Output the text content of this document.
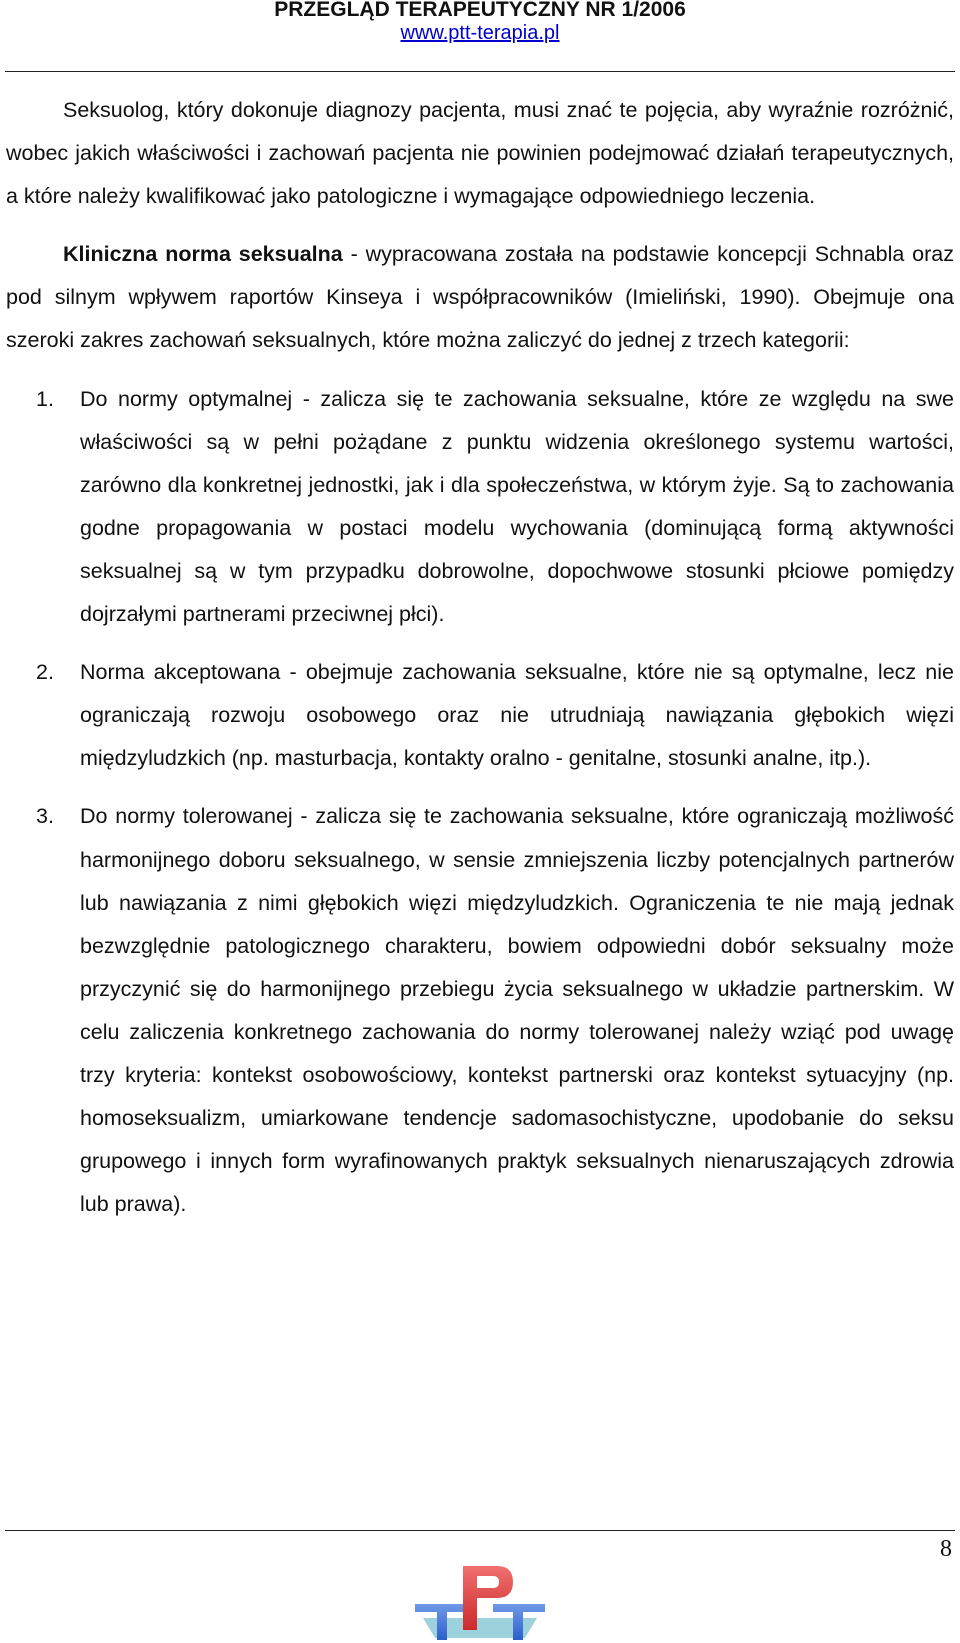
PRZEGLĄD TERAPEUTYCZNY NR 1/2006
www.ptt-terapia.pl

Seksuolog, który dokonuje diagnozy pacjenta, musi znać te pojęcia, aby wyraźnie rozróżnić, wobec jakich właściwości i zachowań pacjenta nie powinien podejmować działań terapeutycznych, a które należy kwalifikować jako patologiczne i wymagające odpowiedniego leczenia.

Kliniczna norma seksualna - wypracowana została na podstawie koncepcji Schnabla oraz pod silnym wpływem raportów Kinseya i współpracowników (Imieliński, 1990). Obejmuje ona szeroki zakres zachowań seksualnych, które można zaliczyć do jednej z trzech kategorii:

1.	Do normy optymalnej - zalicza się te zachowania seksualne, które ze względu na swe właściwości są w pełni pożądane z punktu widzenia określonego systemu wartości, zarówno dla konkretnej jednostki, jak i dla społeczeństwa, w którym żyje. Są to zachowania godne propagowania w postaci modelu wychowania (dominującą formą aktywności seksualnej są w tym przypadku dobrowolne, dopochwowe stosunki płciowe pomiędzy dojrzałymi partnerami przeciwnej płci).
2.	Norma akceptowana - obejmuje zachowania seksualne, które nie są optymalne, lecz nie ograniczają rozwoju osobowego oraz nie utrudniają nawiązania głębokich więzi międzyludzkich (np. masturbacja, kontakty oralno - genitalne, stosunki analne, itp.).
3.	Do normy tolerowanej - zalicza się te zachowania seksualne, które ograniczają możliwość harmonijnego doboru seksualnego, w sensie zmniejszenia liczby potencjalnych partnerów lub nawiązania z nimi głębokich więzi międzyludzkich. Ograniczenia te nie mają jednak bezwzględnie patologicznego charakteru, bowiem odpowiedni dobór seksualny może przyczynić się do harmonijnego przebiegu życia seksualnego w układzie partnerskim. W celu zaliczenia konkretnego zachowania do normy tolerowanej należy wziąć pod uwagę trzy kryteria: kontekst osobowościowy, kontekst partnerski oraz kontekst sytuacyjny (np. homoseksualizm, umiarkowane tendencje sadomasochistyczne, upodobanie do seksu grupowego i innych form wyrafinowanych praktyk seksualnych nienaruszających zdrowia lub prawa).
8
